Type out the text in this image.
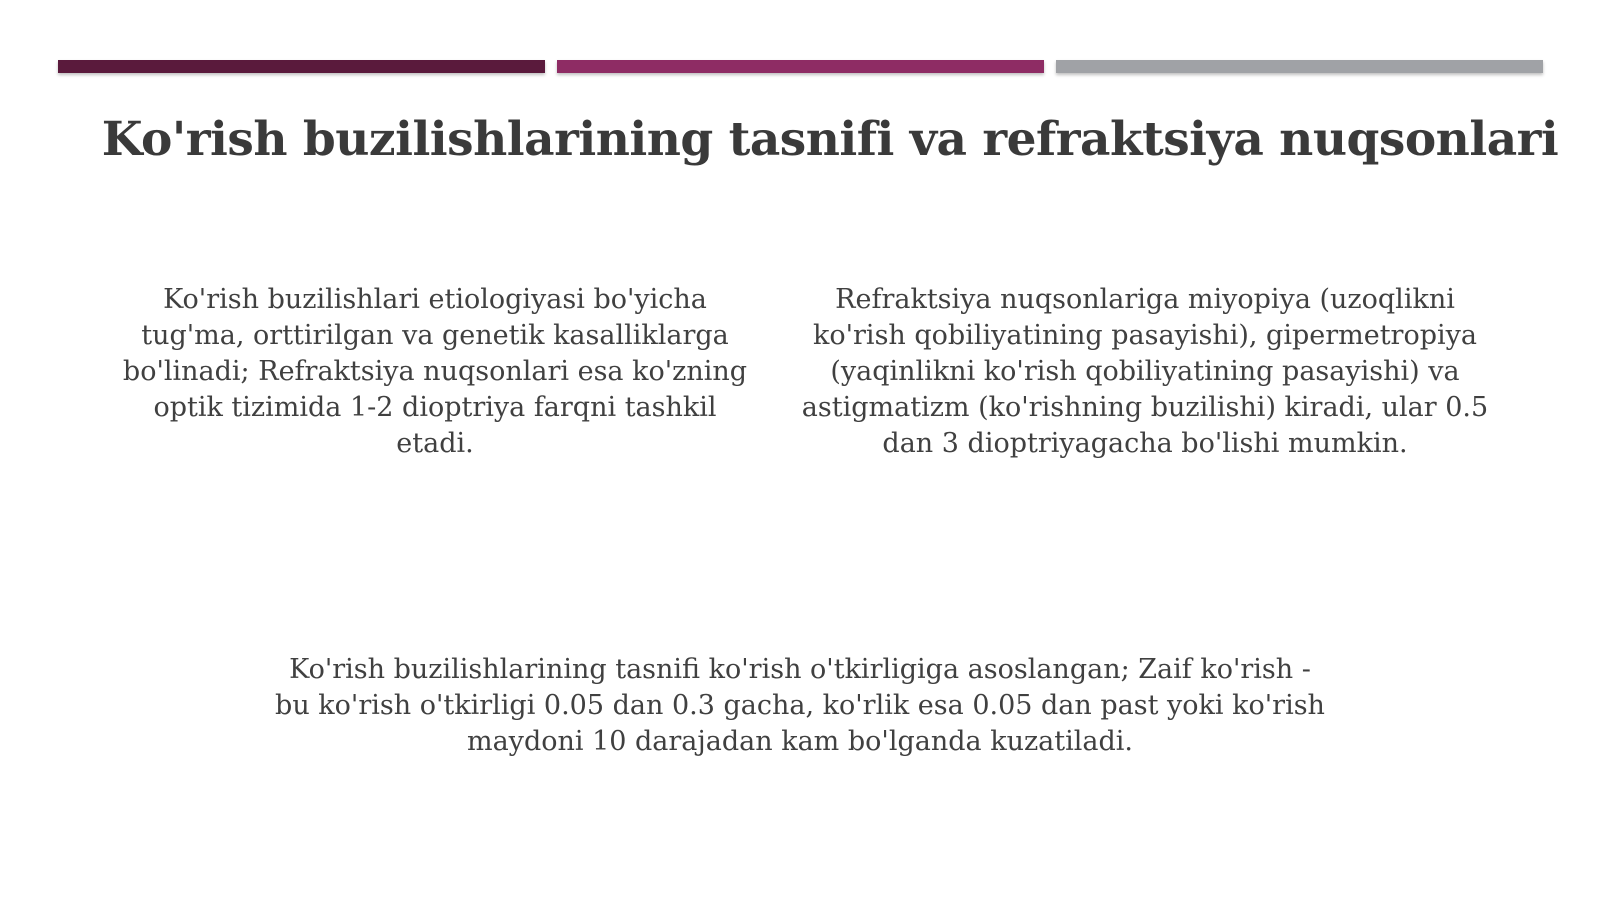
Ko'rish buzilishlarining tasnifi va refraktsiya nuqsonlari

Ko'rish buzilishlari etiologiyasi bo'yicha tug'ma, orttirilgan va genetik kasalliklarga bo'linadi; Refraktsiya nuqsonlari esa ko'zning optik tizimida 1-2 dioptriya farqni tashkil etadi.

Refraktsiya nuqsonlariga miyopiya (uzoqlikni ko'rish qobiliyatining pasayishi), gipermetropiya (yaqinlikni ko'rish qobiliyatining pasayishi) va astigmatizm (ko'rishning buzilishi) kiradi, ular 0.5 dan 3 dioptriyagacha bo'lishi mumkin.

Ko'rish buzilishlarining tasnifi ko'rish o'tkirligiga asoslangan; Zaif ko'rish - bu ko'rish o'tkirligi 0.05 dan 0.3 gacha, ko'rlik esa 0.05 dan past yoki ko'rish maydoni 10 darajadan kam bo'lganda kuzatiladi.
